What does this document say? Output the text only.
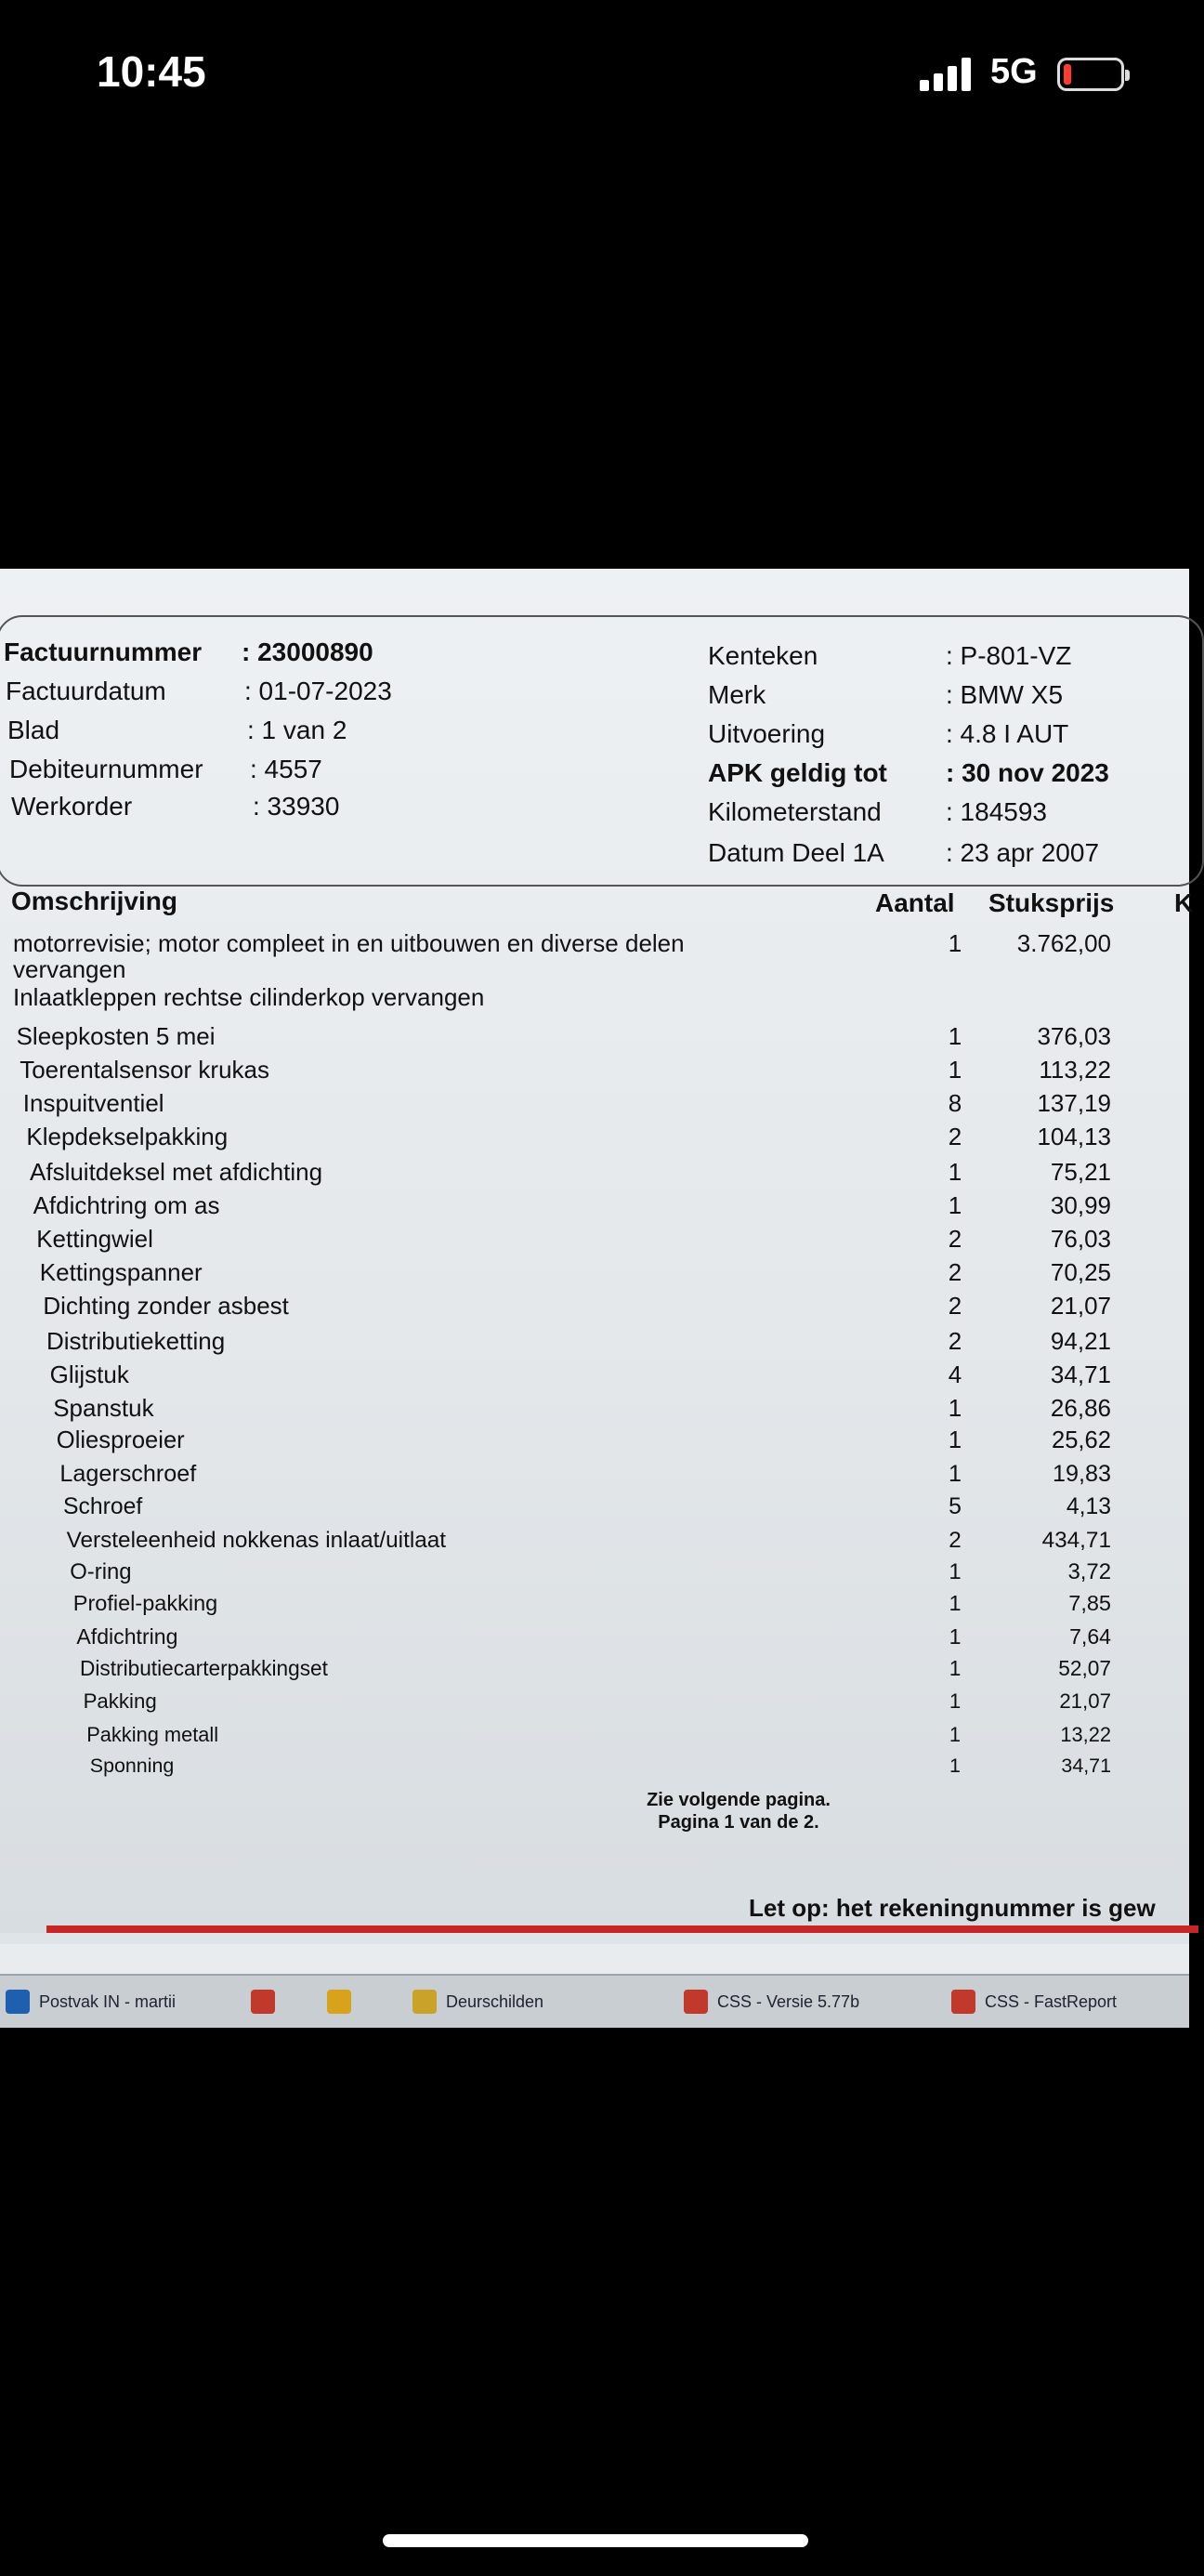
10:45	5G
Factuurnummer : 23000890
Factuurdatum	: 01-07-2023
Blad	: 1 van 2
Debiteurnummer : 4557
Werkorder	: 33930
Kenteken	: P-801-VZ
Merk	: BMW X5
Uitvoering	: 4.8 I AUT
APK geldig tot : 30 nov 2023
Kilometerstand : 184593
Datum Deel 1A : 23 apr 2007
Omschrijving	Aantal Stuksprijs K
motorrevisie; motor compleet in en uitbouwen en diverse delen	1	3.762,00
vervangen
Inlaatkleppen rechtse cilinderkop vervangen
Sleepkosten 5 mei	1	376,03
Toerentalsensor krukas	1	113,22
Inspuitventiel	8	137,19
Klepdekselpakking	2	104,13
Afsluitdeksel met afdichting	1	75,21
Afdichtring om as	1	30,99
Kettingwiel	2	76,03
Kettingspanner	2	70,25
Dichting zonder asbest	2	21,07
Distributieketting	2	94,21
Glijstuk	4	34,71
Spanstuk	1	26,86
Oliesproeier	1	25,62
Lagerschroef	1	19,83
Schroef	5	4,13
Versteleenheid nokkenas inlaat/uitlaat	2	434,71
O-ring	1	3,72
Profiel-pakking	1	7,85
Afdichtring	1	7,64
Distributiecarterpakkingset	1	52,07
Pakking	1	21,07
Pakking metall	1	13,22
Sponning	1	34,71
Zie volgende pagina.
Pagina 1 van de 2.
Let op: het rekeningnummer is gew
Postvak IN - martii	Deurschilden	CSS - Versie 5.77b	CSS - FastReport
